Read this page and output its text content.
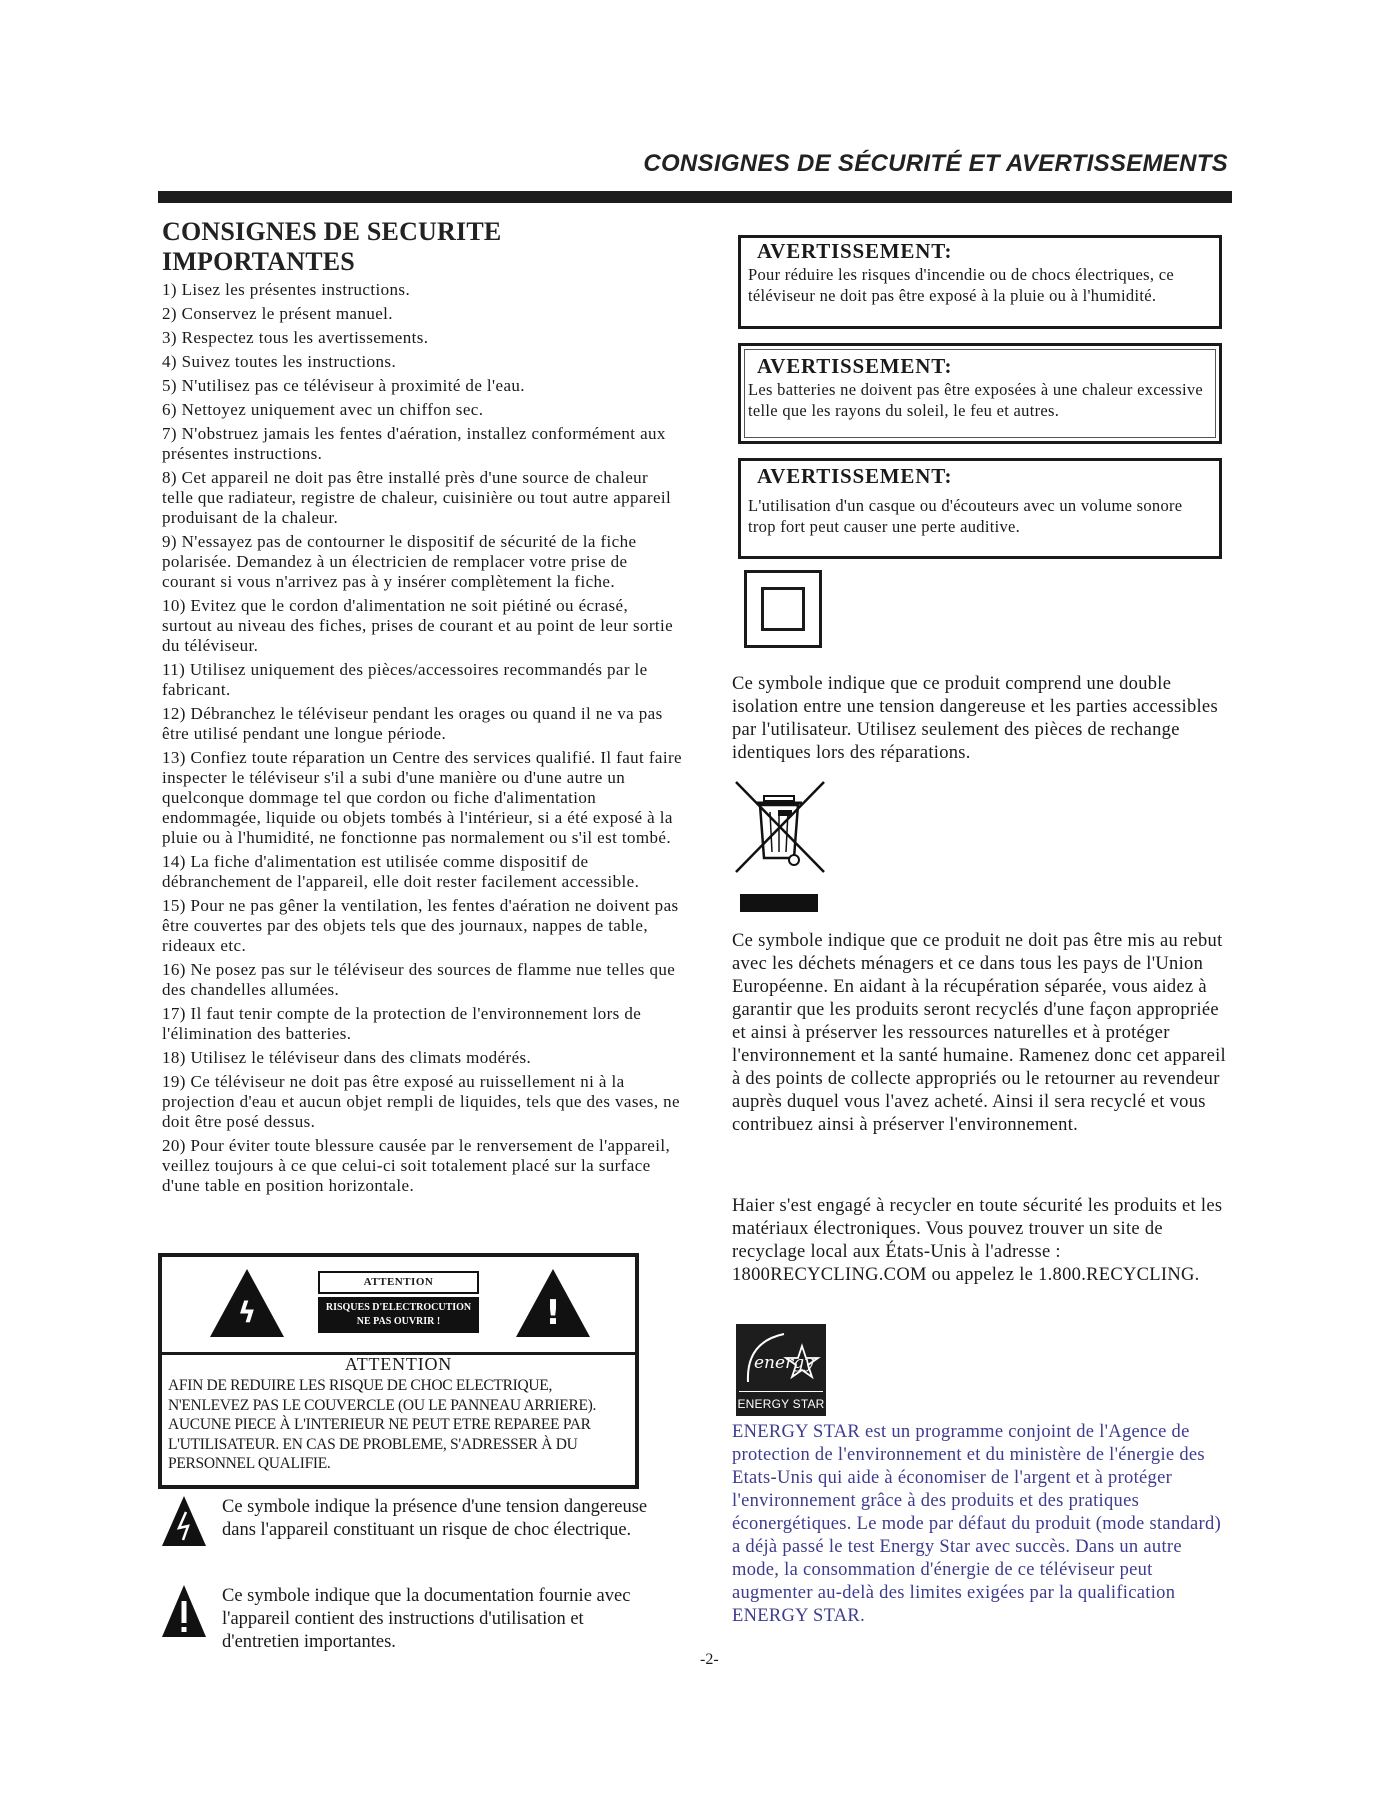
CONSIGNES DE SÉCURITÉ ET AVERTISSEMENTS
CONSIGNES DE SECURITE IMPORTANTES
1) Lisez les présentes instructions.
2) Conservez le présent manuel.
3) Respectez tous les avertissements.
4) Suivez toutes les instructions.
5) N'utilisez pas ce téléviseur à proximité de l'eau.
6) Nettoyez uniquement avec un chiffon sec.
7) N'obstruez jamais les fentes d'aération, installez conformément aux présentes instructions.
8) Cet appareil ne doit pas être installé près d'une source de chaleur telle que radiateur, registre de chaleur, cuisinière ou tout autre appareil produisant de la chaleur.
9) N'essayez pas de contourner le dispositif de sécurité de la fiche polarisée. Demandez à un électricien de remplacer votre prise de courant si vous n'arrivez pas à y insérer complètement la fiche.
10) Evitez que le cordon d'alimentation ne soit piétiné ou écrasé, surtout au niveau des fiches, prises de courant et au point de leur sortie du téléviseur.
11) Utilisez uniquement des pièces/accessoires recommandés par le fabricant.
12) Débranchez le téléviseur pendant les orages ou quand il ne va pas être utilisé pendant une longue période.
13) Confiez toute réparation un Centre des services qualifié. Il faut faire inspecter le téléviseur s'il a subi d'une manière ou d'une autre un quelconque dommage tel que cordon ou fiche d'alimentation endommagée, liquide ou objets tombés à l'intérieur, si a été exposé à la pluie ou à l'humidité, ne fonctionne pas normalement ou s'il est tombé.
14) La fiche d'alimentation est utilisée comme dispositif de débranchement de l'appareil, elle doit rester facilement accessible.
15) Pour ne pas gêner la ventilation, les fentes d'aération ne doivent pas être couvertes par des objets tels que des journaux, nappes de table, rideaux etc.
16) Ne posez pas sur le téléviseur des sources de flamme nue telles que des chandelles allumées.
17) Il faut tenir compte de la protection de l'environnement lors de l'élimination des batteries.
18) Utilisez le téléviseur dans des climats modérés.
19) Ce téléviseur ne doit pas être exposé au ruissellement ni à la projection d'eau et aucun objet rempli de liquides, tels que des vases, ne doit être posé dessus.
20) Pour éviter toute blessure causée par le renversement de l'appareil, veillez toujours à ce que celui-ci soit totalement placé sur la surface d'une table en position horizontale.
ϟ
ATTENTION
RISQUES D'ELECTROCUTION
NE PAS OUVRIR !	!
ATTENTION
AFIN DE REDUIRE LES RISQUE DE CHOC ELECTRIQUE, N'ENLEVEZ PAS LE COUVERCLE (OU LE PANNEAU ARRIERE). AUCUNE PIECE À L'INTERIEUR NE PEUT ETRE REPAREE PAR L'UTILISATEUR. EN CAS DE PROBLEME, S'ADRESSER À DU PERSONNEL QUALIFIE.
Ce symbole indique la présence d'une tension dangereuse dans l'appareil constituant un risque de choc électrique.
Ce symbole indique que la documentation fournie avec l'appareil contient des instructions d'utilisation et d'entretien importantes.
AVERTISSEMENT:

Pour réduire les risques d'incendie ou de chocs électriques, ce téléviseur ne doit pas être exposé à la pluie ou à l'humidité.

AVERTISSEMENT:

Les batteries ne doivent pas être exposées à une chaleur excessive telle que les rayons du soleil, le feu et autres.

AVERTISSEMENT:

L'utilisation d'un casque ou d'écouteurs avec un volume sonore trop fort peut causer une perte auditive.

Ce symbole indique que ce produit comprend une double isolation entre une tension dangereuse et les parties accessibles par l'utilisateur. Utilisez seulement des pièces de rechange identiques lors des réparations.
Ce symbole indique que ce produit ne doit pas être mis au rebut avec les déchets ménagers et ce dans tous les pays de l'Union Européenne. En aidant à la récupération séparée, vous aidez à garantir que les produits seront recyclés d'une façon appropriée et ainsi à préserver les ressources naturelles et à protéger l'environnement et la santé humaine. Ramenez donc cet appareil à des points de collecte appropriés ou le retourner au revendeur auprès duquel vous l'avez acheté. Ainsi il sera recyclé et vous contribuez ainsi à préserver l'environnement.
Haier s'est engagé à recycler en toute sécurité les produits et les matériaux électroniques. Vous pouvez trouver un site de recyclage local aux États-Unis à l'adresse : 1800RECYCLING.COM ou appelez le 1.800.RECYCLING.
energy
ENERGY STAR
ENERGY STAR est un programme conjoint de l'Agence de protection de l'environnement et du ministère de l'énergie des Etats-Unis qui aide à économiser de l'argent et à protéger l'environnement grâce à des produits et des pratiques éconergétiques. Le mode par défaut du produit (mode standard) a déjà passé le test Energy Star avec succès. Dans un autre mode, la consommation d'énergie de ce téléviseur peut augmenter au-delà des limites exigées par la qualification ENERGY STAR.
-2-
